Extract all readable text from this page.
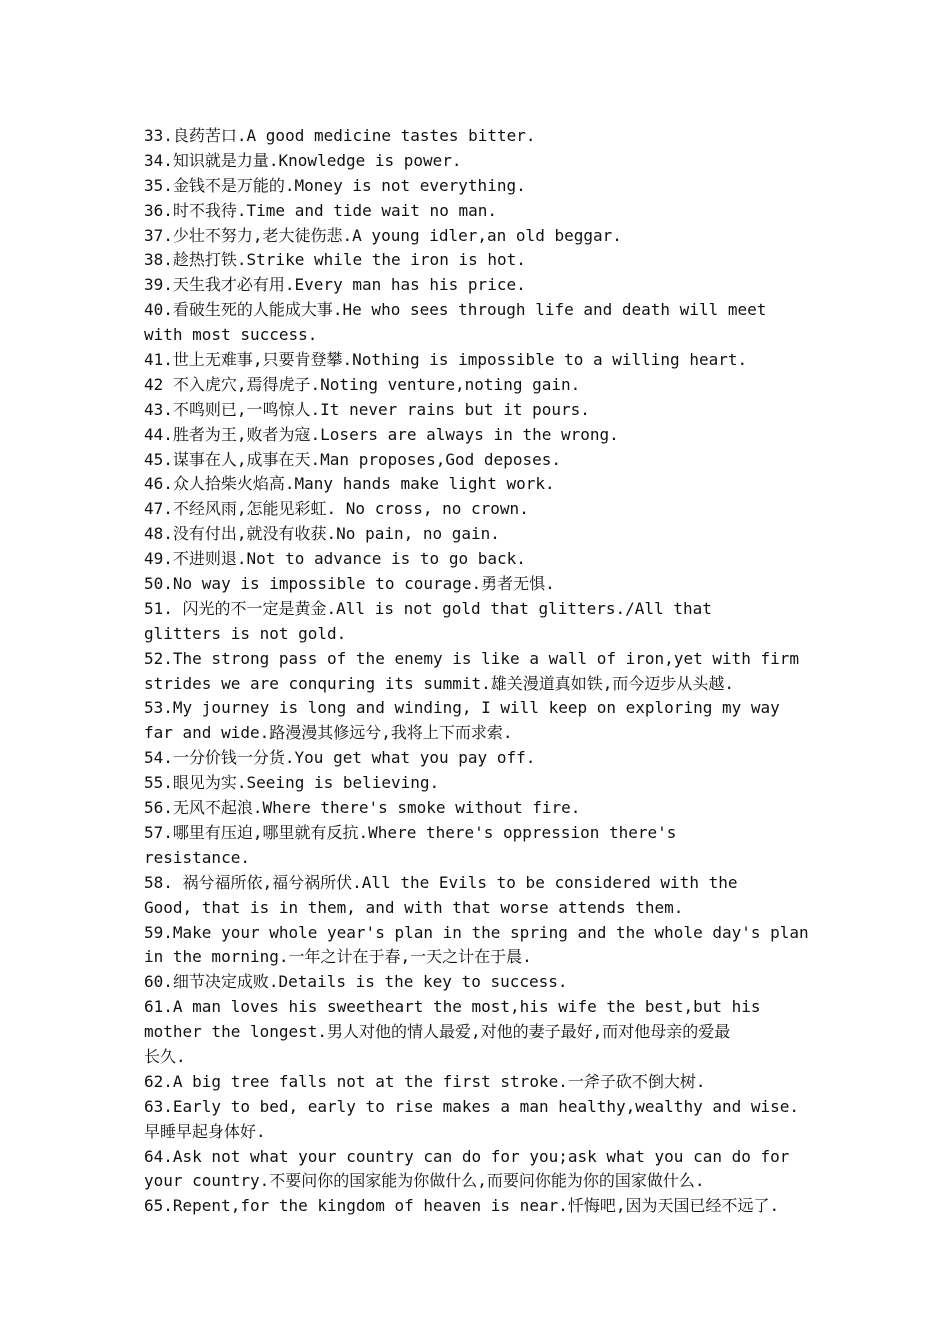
33.良药苦口.A good medicine tastes bitter.
34.知识就是力量.Knowledge is power.
35.金钱不是万能的.Money is not everything.
36.时不我待.Time and tide wait no man.
37.少壮不努力,老大徒伤悲.A young idler,an old beggar.
38.趁热打铁.Strike while the iron is hot.
39.天生我才必有用.Every man has his price.
40.看破生死的人能成大事.He who sees through life and death will meet
with most success.
41.世上无难事,只要肯登攀.Nothing is impossible to a willing heart.
42 不入虎穴,焉得虎子.Noting venture,noting gain.
43.不鸣则已,一鸣惊人.It never rains but it pours.
44.胜者为王,败者为寇.Losers are always in the wrong.
45.谋事在人,成事在天.Man proposes,God deposes.
46.众人拾柴火焰高.Many hands make light work.
47.不经风雨,怎能见彩虹. No cross, no crown.
48.没有付出,就没有收获.No pain, no gain.
49.不进则退.Not to advance is to go back.
50.No way is impossible to courage.勇者无惧.
51. 闪光的不一定是黄金.All is not gold that glitters./All that
glitters is not gold.
52.The strong pass of the enemy is like a wall of iron,yet with firm
strides we are conquring its summit.雄关漫道真如铁,而今迈步从头越.
53.My journey is long and winding, I will keep on exploring my way
far and wide.路漫漫其修远兮,我将上下而求索.
54.一分价钱一分货.You get what you pay off.
55.眼见为实.Seeing is believing.
56.无风不起浪.Where there's smoke without fire.
57.哪里有压迫,哪里就有反抗.Where there's oppression there's
resistance.
58. 祸兮福所依,福兮祸所伏.All the Evils to be considered with the
Good, that is in them, and with that worse attends them.
59.Make your whole year's plan in the spring and the whole day's plan
in the morning.一年之计在于春,一天之计在于晨.
60.细节决定成败.Details is the key to success.
61.A man loves his sweetheart the most,his wife the best,but his
mother the longest.男人对他的情人最爱,对他的妻子最好,而对他母亲的爱最
长久.
62.A big tree falls not at the first stroke.一斧子砍不倒大树.
63.Early to bed, early to rise makes a man healthy,wealthy and wise.
早睡早起身体好.
64.Ask not what your country can do for you;ask what you can do for
your country.不要问你的国家能为你做什么,而要问你能为你的国家做什么.
65.Repent,for the kingdom of heaven is near.忏悔吧,因为天国已经不远了.
